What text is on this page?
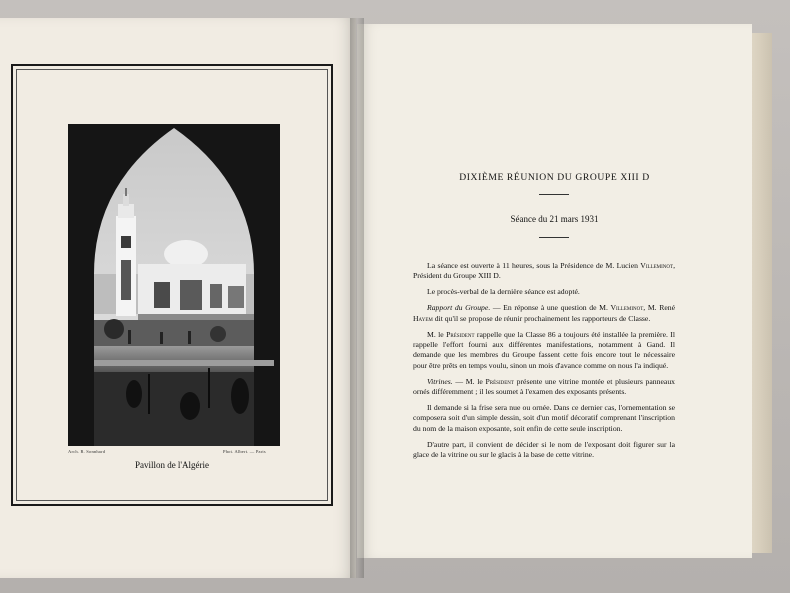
Arch. R. Sonnhard	Phot. Albert. — Paris
Pavillon de l'Algérie
DIXIÈME RÉUNION DU GROUPE XIII D
Séance du 21 mars 1931

La séance est ouverte à 11 heures, sous la Présidence de M. Lucien Villeminot, Président du Groupe XIII D.

Le procès-verbal de la dernière séance est adopté.

Rapport du Groupe. — En réponse à une question de M. Villeminot, M. René Hayem dit qu'il se propose de réunir prochainement les rapporteurs de Classe.

M. le Président rappelle que la Classe 86 a toujours été installée la première. Il rappelle l'effort fourni aux différentes manifestations, notamment à Gand. Il demande que les membres du Groupe fassent cette fois encore tout le nécessaire pour être prêts en temps voulu, sinon un mois d'avance comme on nous l'a indiqué.

Vitrines. — M. le Président présente une vitrine montée et plusieurs panneaux ornés différemment ; il les soumet à l'examen des exposants présents.

Il demande si la frise sera nue ou ornée. Dans ce dernier cas, l'ornementation se composera soit d'un simple dessin, soit d'un motif décoratif comprenant l'inscription du nom de la maison exposante, soit enfin de cette seule inscription.

D'autre part, il convient de décider si le nom de l'exposant doit figurer sur la glace de la vitrine ou sur le glacis à la base de cette vitrine.
